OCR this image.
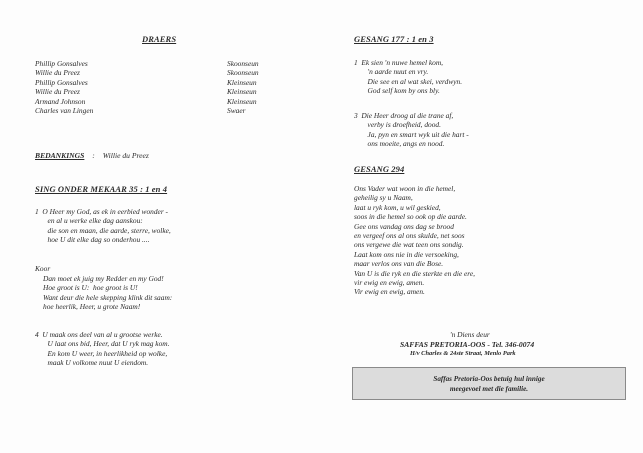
DRAERS
Phillip Gonsalves
Willie du Preez
Phillip Gonsalves
Willie du Preez
Armand Johnson
Charles van Lingen
Skoonseun
Skoonseun
Kleinseun
Kleinseun
Kleinseun
Swaer
BEDANKINGS : Willie du Preez
SING ONDER MEKAAR 35 : 1 en 4
1  O Heer my God, as ek in eerbied wonder -
en al u werke elke dag aanskou:
die son en maan, die aarde, sterre, wolke,
hoe U dit elke dag so onderhou ....
Koor
Dan moet ek juig my Redder en my God!
Hoe groot is U:  hoe groot is U!
Want deur die hele skepping klink dit saam:
hoe heerlik, Heer, u grote Naam!
4  U maak ons deel van al u grootse werke.
U laat ons bid, Heer, dat U ryk mag kom.
En kom U weer, in heerlikheid op wolke,
maak U volkome nuut U eiendom.
GESANG 177 : 1 en 3
1  Ek sien 'n nuwe hemel kom,
'n aarde nuut en vry.
Die see en al wat skei, verdwyn.
God self kom by ons bly.
3  Die Heer droog al die trane af,
verby is droefheid, dood.
Ja, pyn en smart wyk uit die hart -
ons moeite, angs en nood.
GESANG 294
Ons Vader wat woon in die hemel,
geheilig sy u Naam,
laat u ryk kom, u wil geskied,
soos in die hemel so ook op die aarde.
Gee ons vandag ons dag se brood
en vergeef ons al ons skulde, net soos
ons vergewe die wat teen ons sondig.
Laat kom ons nie in die versoeking,
maar verlos ons van die Bose.
Van U is die ryk en die sterkte en die ere,
vir ewig en ewig, amen.
Vir ewig en ewig, amen.
'n Diens deur
SAFFAS PRETORIA-OOS - Tel. 346-0074
H/v Charles & 24ste Straat, Menlo Park
Saffas Pretoria-Oos betuig hul innige
meegevoel met die familie.
